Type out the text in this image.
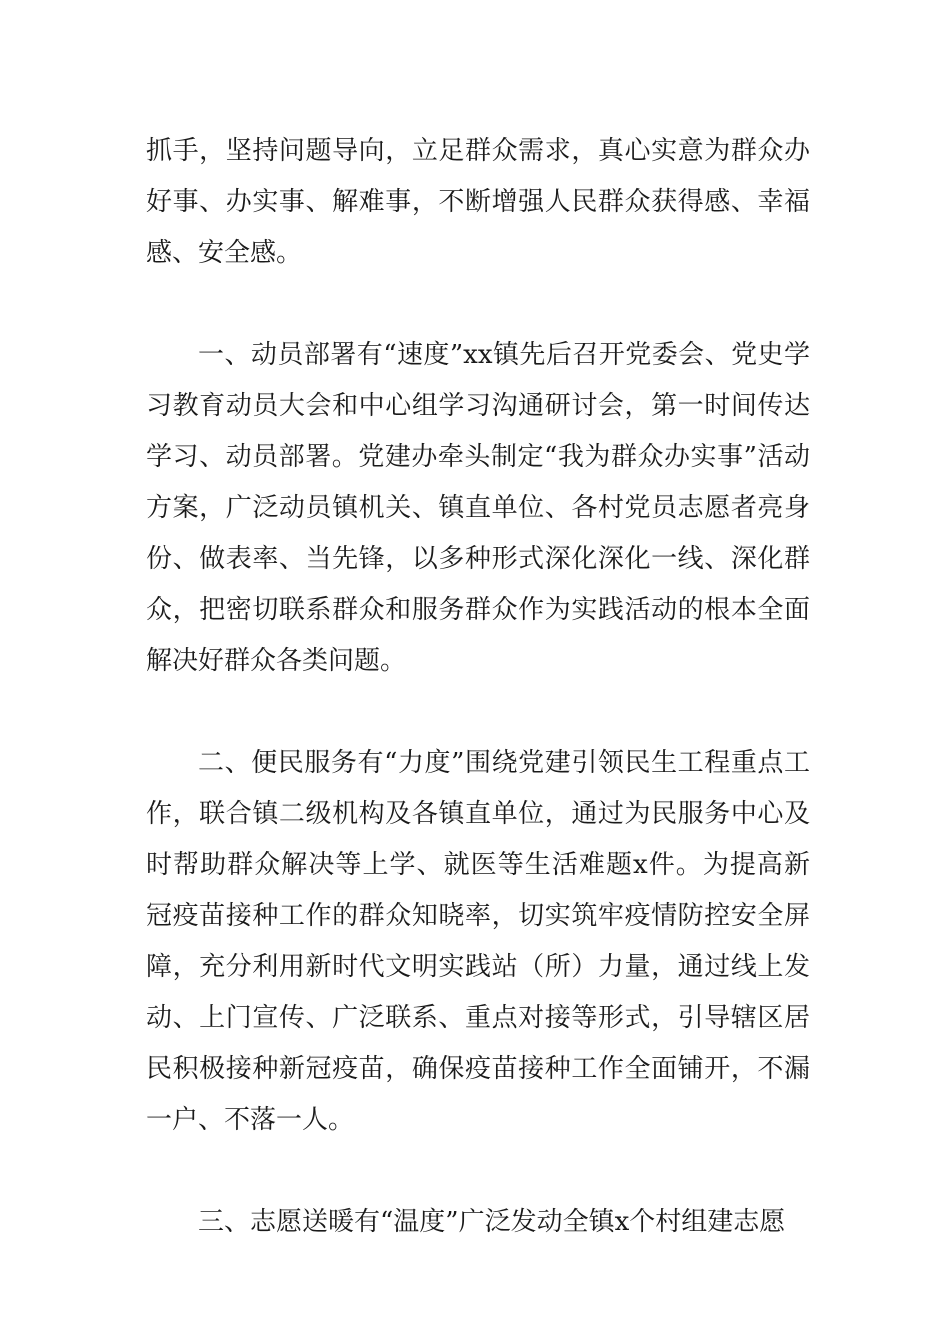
抓手，坚持问题导向，立足群众需求，真心实意为群众办好事、办实事、解难事，不断增强人民群众获得感、幸福感、安全感。

一、动员部署有“速度”xx镇先后召开党委会、党史学习教育动员大会和中心组学习沟通研讨会，第一时间传达学习、动员部署。党建办牵头制定“我为群众办实事”活动方案，广泛动员镇机关、镇直单位、各村党员志愿者亮身份、做表率、当先锋，以多种形式深化深化一线、深化群众，把密切联系群众和服务群众作为实践活动的根本全面解决好群众各类问题。

二、便民服务有“力度”围绕党建引领民生工程重点工作，联合镇二级机构及各镇直单位，通过为民服务中心及时帮助群众解决等上学、就医等生活难题x件。为提高新冠疫苗接种工作的群众知晓率，切实筑牢疫情防控安全屏障，充分利用新时代文明实践站（所）力量，通过线上发动、上门宣传、广泛联系、重点对接等形式，引导辖区居民积极接种新冠疫苗，确保疫苗接种工作全面铺开，不漏一户、不落一人。

三、志愿送暖有“温度”广泛发动全镇x个村组建志愿
